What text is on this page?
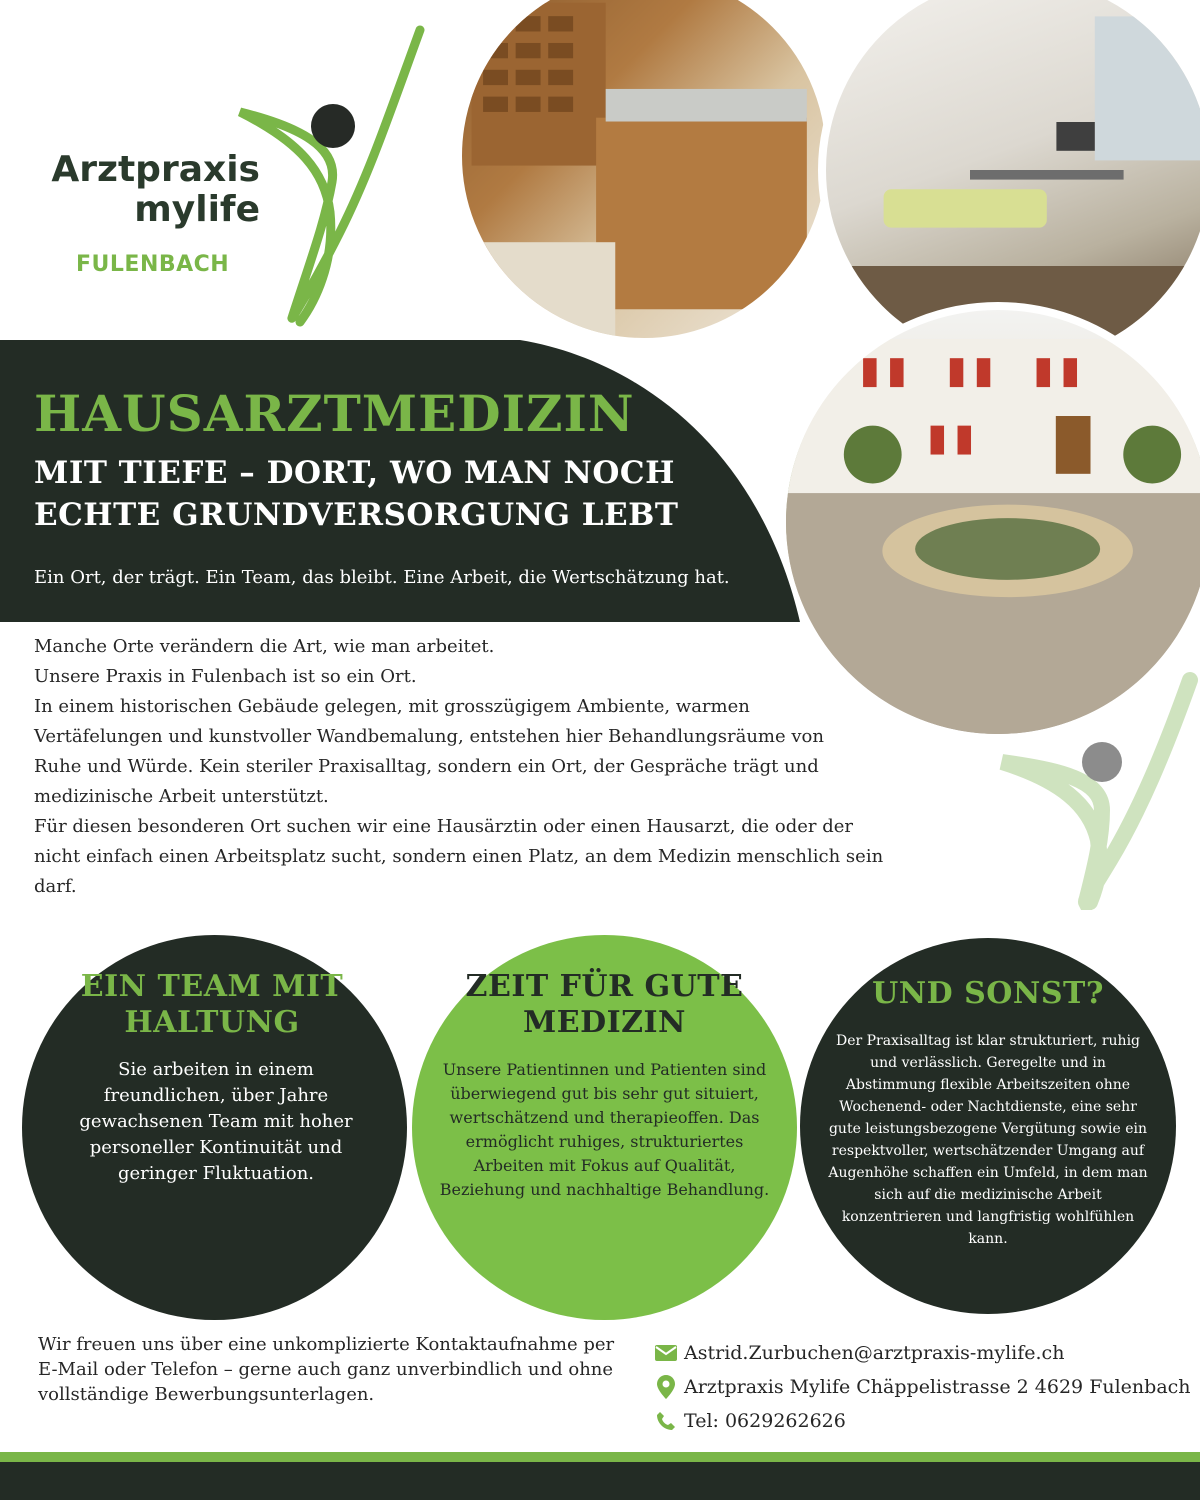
Arztpraxis mylife
FULENBACH
HAUSARZTMEDIZIN
MIT TIEFE – DORT, WO MAN NOCH ECHTE GRUNDVERSORGUNG LEBT
Ein Ort, der trägt. Ein Team, das bleibt. Eine Arbeit, die Wertschätzung hat.

Manche Orte verändern die Art, wie man arbeitet.

Unsere Praxis in Fulenbach ist so ein Ort.

In einem historischen Gebäude gelegen, mit grosszügigem Ambiente, warmen Vertäfelungen und kunstvoller Wandbemalung, entstehen hier Behandlungsräume von Ruhe und Würde. Kein steriler Praxisalltag, sondern ein Ort, der Gespräche trägt und medizinische Arbeit unterstützt.

Für diesen besonderen Ort suchen wir eine Hausärztin oder einen Hausarzt, die oder der nicht einfach einen Arbeitsplatz sucht, sondern einen Platz, an dem Medizin menschlich sein darf.

EIN TEAM MIT HALTUNG

Sie arbeiten in einem freundlichen, über Jahre gewachsenen Team mit hoher personeller Kontinuität und geringer Fluktuation.

ZEIT FÜR GUTE MEDIZIN

Unsere Patientinnen und Patienten sind überwiegend gut bis sehr gut situiert, wertschätzend und therapieoffen. Das ermöglicht ruhiges, strukturiertes Arbeiten mit Fokus auf Qualität, Beziehung und nachhaltige Behandlung.

UND SONST?

Der Praxisalltag ist klar strukturiert, ruhig und verlässlich. Geregelte und in Abstimmung flexible Arbeitszeiten ohne Wochenend- oder Nachtdienste, eine sehr gute leistungsbezogene Vergütung sowie ein respektvoller, wertschätzender Umgang auf Augenhöhe schaffen ein Umfeld, in dem man sich auf die medizinische Arbeit konzentrieren und langfristig wohlfühlen kann.

Wir freuen uns über eine unkomplizierte Kontaktaufnahme per E-Mail oder Telefon – gerne auch ganz unverbindlich und ohne vollständige Bewerbungsunterlagen.
Astrid.Zurbuchen@arztpraxis-mylife.ch
Arztpraxis Mylife Chäppelistrasse 2 4629 Fulenbach
Tel: 0629262626
